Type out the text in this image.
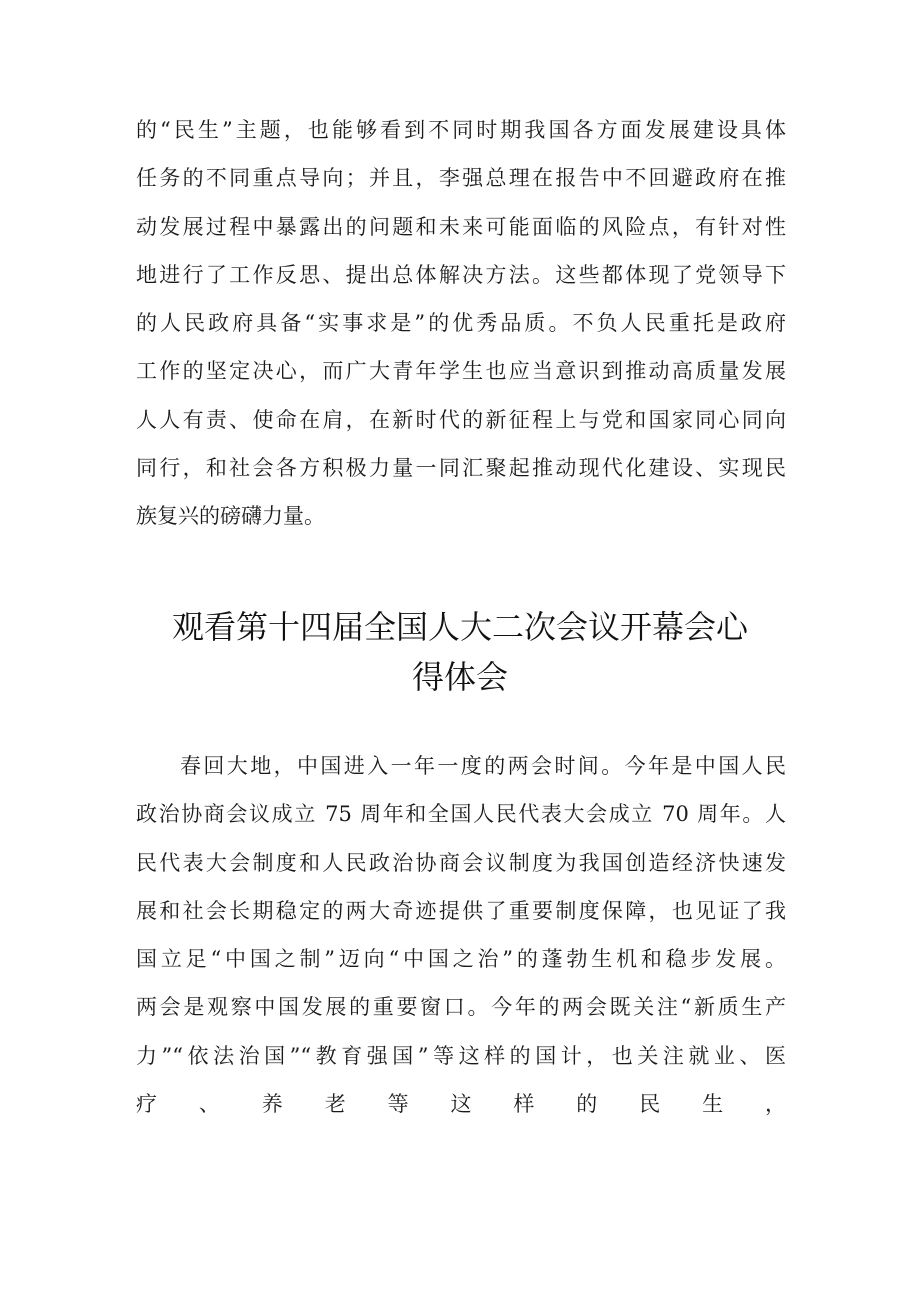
的“民生”主题，也能够看到不同时期我国各方面发展建设具体
任务的不同重点导向；并且，李强总理在报告中不回避政府在推
动发展过程中暴露出的问题和未来可能面临的风险点，有针对性
地进行了工作反思、提出总体解决方法。这些都体现了党领导下
的人民政府具备“实事求是”的优秀品质。不负人民重托是政府
工作的坚定决心，而广大青年学生也应当意识到推动高质量发展
人人有责、使命在肩，在新时代的新征程上与党和国家同心同向
同行，和社会各方积极力量一同汇聚起推动现代化建设、实现民
族复兴的磅礴力量。
观看第十四届全国人大二次会议开幕会心
得体会
春回大地，中国进入一年一度的两会时间。今年是中国人民
政治协商会议成立 75 周年和全国人民代表大会成立 70 周年。人
民代表大会制度和人民政治协商会议制度为我国创造经济快速发
展和社会长期稳定的两大奇迹提供了重要制度保障，也见证了我
国立足“中国之制”迈向“中国之治”的蓬勃生机和稳步发展。
两会是观察中国发展的重要窗口。今年的两会既关注“新质生产
力”“依法治国”“教育强国”等这样的国计，也关注就业、医
疗 、 养 老 等 这 样 的 民 生 ，
